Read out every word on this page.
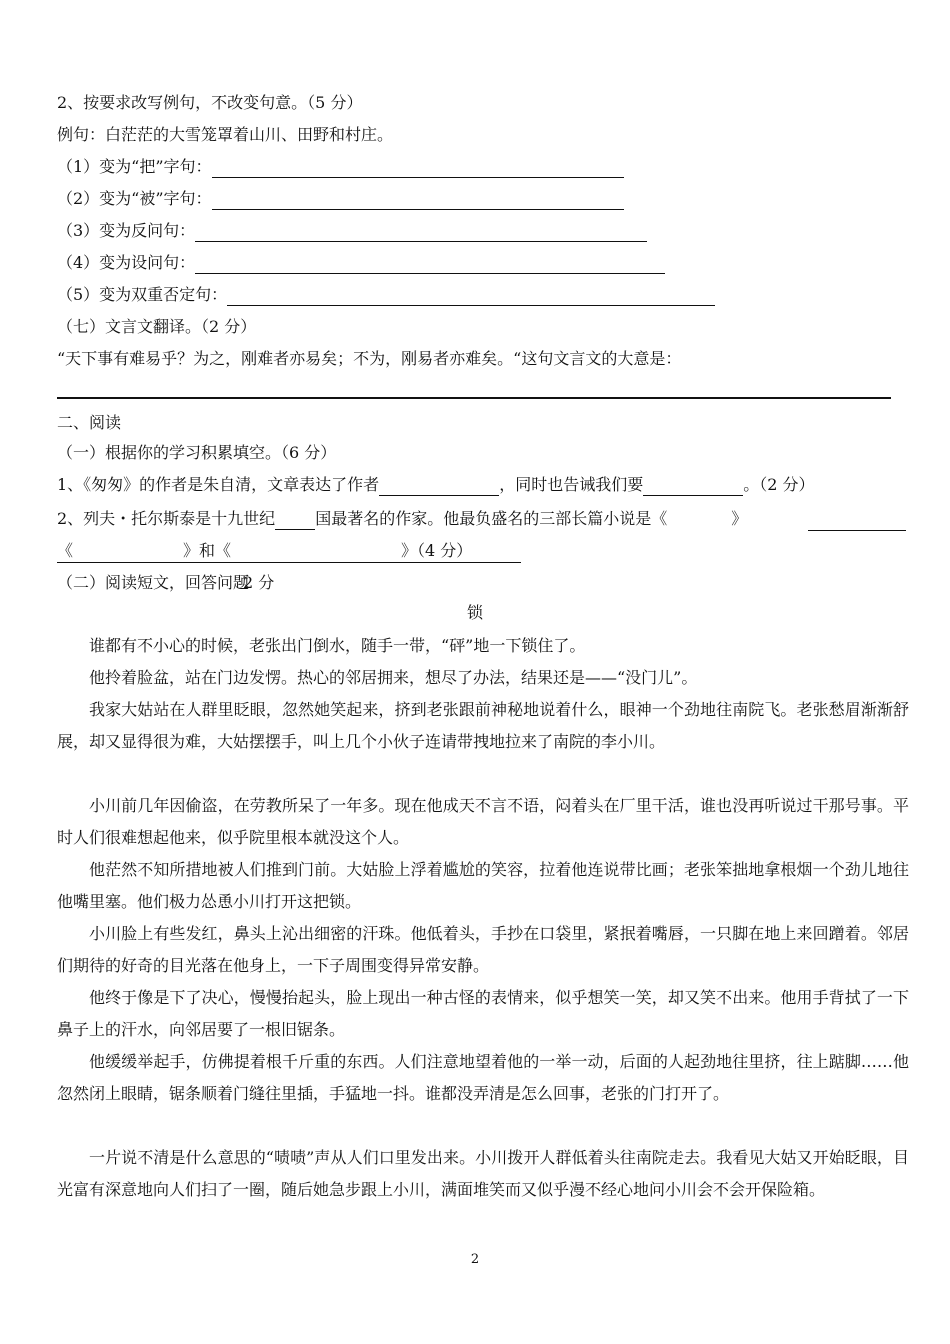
2、按要求改写例句，不改变句意。（5 分）
例句：白茫茫的大雪笼罩着山川、田野和村庄。
（1）变为“把”字句：
（2）变为“被”字句：
（3）变为反问句：
（4）变为设问句：
（5）变为双重否定句：
（七）文言文翻译。（2 分）
“天下事有难易乎？为之，刚难者亦易矣；不为，刚易者亦难矣。“这句文言文的大意是：
二、阅读
（一）根据你的学习积累填空。（6 分）
1、《匆匆》的作者是朱自清，文章表达了作者	，同时也告诫我们要	。（2 分）
2、列夫・托尔斯泰是十九世纪	国最著名的作家。他最负盛名的三部长篇小说是《	》
《	》和《	》（4 分）
（二）阅读短文，回答问题2 分
锁
谁都有不小心的时候，老张出门倒水，随手一带，“砰”地一下锁住了。
他拎着脸盆，站在门边发愣。热心的邻居拥来，想尽了办法，结果还是——“没门儿”。
我家大姑站在人群里眨眼，忽然她笑起来，挤到老张跟前神秘地说着什么，眼神一个劲地往南院飞。老张愁眉渐渐舒展，却又显得很为难，大姑摆摆手，叫上几个小伙子连请带拽地拉来了南院的李小川。
小川前几年因偷盗，在劳教所呆了一年多。现在他成天不言不语，闷着头在厂里干活，谁也没再听说过干那号事。平时人们很难想起他来，似乎院里根本就没这个人。
他茫然不知所措地被人们推到门前。大姑脸上浮着尴尬的笑容，拉着他连说带比画；老张笨拙地拿根烟一个劲儿地往他嘴里塞。他们极力怂恿小川打开这把锁。
小川脸上有些发红，鼻头上沁出细密的汗珠。他低着头，手抄在口袋里，紧抿着嘴唇，一只脚在地上来回蹭着。邻居们期待的好奇的目光落在他身上，一下子周围变得异常安静。
他终于像是下了决心，慢慢抬起头，脸上现出一种古怪的表情来，似乎想笑一笑，却又笑不出来。他用手背拭了一下鼻子上的汗水，向邻居要了一根旧锯条。
他缓缓举起手，仿佛提着根千斤重的东西。人们注意地望着他的一举一动，后面的人起劲地往里挤，往上踮脚……他忽然闭上眼睛，锯条顺着门缝往里插，手猛地一抖。谁都没弄清是怎么回事，老张的门打开了。
一片说不清是什么意思的“啧啧”声从人们口里发出来。小川拨开人群低着头往南院走去。我看见大姑又开始眨眼，目光富有深意地向人们扫了一圈，随后她急步跟上小川，满面堆笑而又似乎漫不经心地问小川会不会开保险箱。
2
